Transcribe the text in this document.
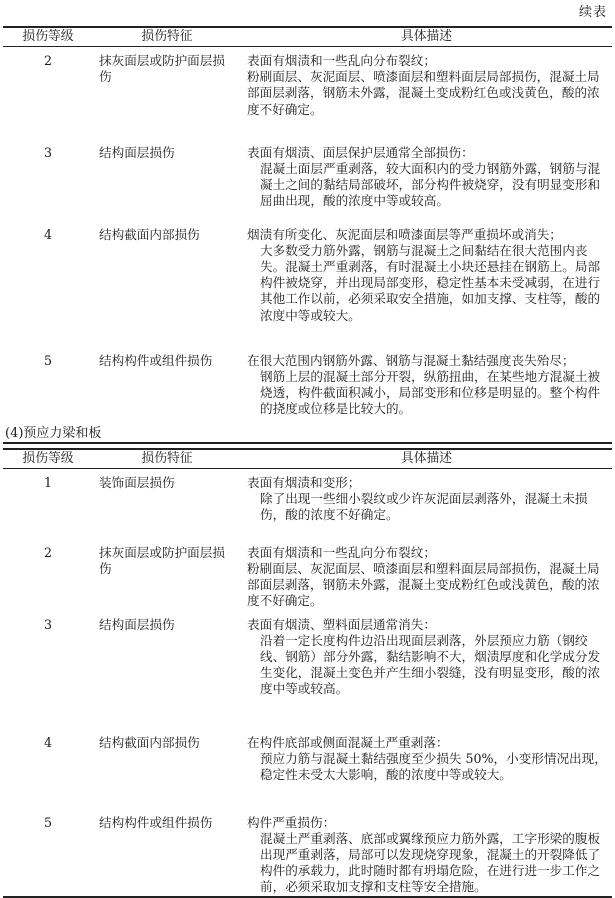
续表
损伤等级	损伤特征	具体描述

2	抹灰面层或防护面层损伤	表面有烟渍和一些乱向分布裂纹；
粉刷面层、灰泥面层、喷漆面层和塑料面层局部损伤，混凝土局部面层剥落，钢筋未外露，混凝土变成粉红色或浅黄色，酸的浓度不好确定。

3	结构面层损伤	表面有烟渍、面层保护层通常全部损伤：
混凝土面层严重剥落，较大面积内的受力钢筋外露，钢筋与混凝土之间的黏结局部破坏，部分构件被烧穿，没有明显变形和屈曲出现，酸的浓度中等或较高。

4	结构截面内部损伤	烟渍有所变化、灰泥面层和喷漆面层等严重损坏或消失；
大多数受力筋外露，钢筋与混凝土之间黏结在很大范围内丧失。混凝土严重剥落，有时混凝土小块还悬挂在钢筋上。局部构件被烧穿，并出现局部变形，稳定性基本未受减弱，在进行其他工作以前，必须采取安全措施，如加支撑、支柱等，酸的浓度中等或较大。

5	结构构件或组件损伤	在很大范围内钢筋外露、钢筋与混凝土黏结强度丧失殆尽；
钢筋上层的混凝土部分开裂，纵筋扭曲，在某些地方混凝土被烧透，构件截面积减小，局部变形和位移是明显的。整个构件的挠度或位移是比较大的。
(4)预应力梁和板
损伤等级	损伤特征	具体描述

1	装饰面层损伤	表面有烟渍和变形；
除了出现一些细小裂纹或少许灰泥面层剥落外，混凝土未损伤，酸的浓度不好确定。

2	抹灰面层或防护面层损伤	表面有烟渍和一些乱向分布裂纹；
粉刷面层、灰泥面层、喷漆面层和塑料面层局部损伤，混凝土局部面层剥落，钢筋未外露，混凝土变成粉红色或浅黄色，酸的浓度不好确定。

3	结构面层损伤	表面有烟渍、塑料面层通常消失：
沿着一定长度构件边沿出现面层剥落，外层预应力筋（钢绞线、钢筋）部分外露，黏结影响不大，烟渍厚度和化学成分发生变化，混凝土变色并产生细小裂缝，没有明显变形，酸的浓度中等或较高。

4	结构截面内部损伤	在构件底部或侧面混凝土严重剥落：
预应力筋与混凝土黏结强度至少损失 50%，小变形情况出现，稳定性未受太大影响，酸的浓度中等或较大。

5	结构构件或组件损伤	构件严重损伤：
混凝土严重剥落、底部或翼缘预应力筋外露，工字形梁的腹板出现严重剥落，局部可以发现烧穿现象，混凝土的开裂降低了构件的承载力，此时随时都有坍塌危险，在进行进一步工作之前，必须采取加支撑和支柱等安全措施。
